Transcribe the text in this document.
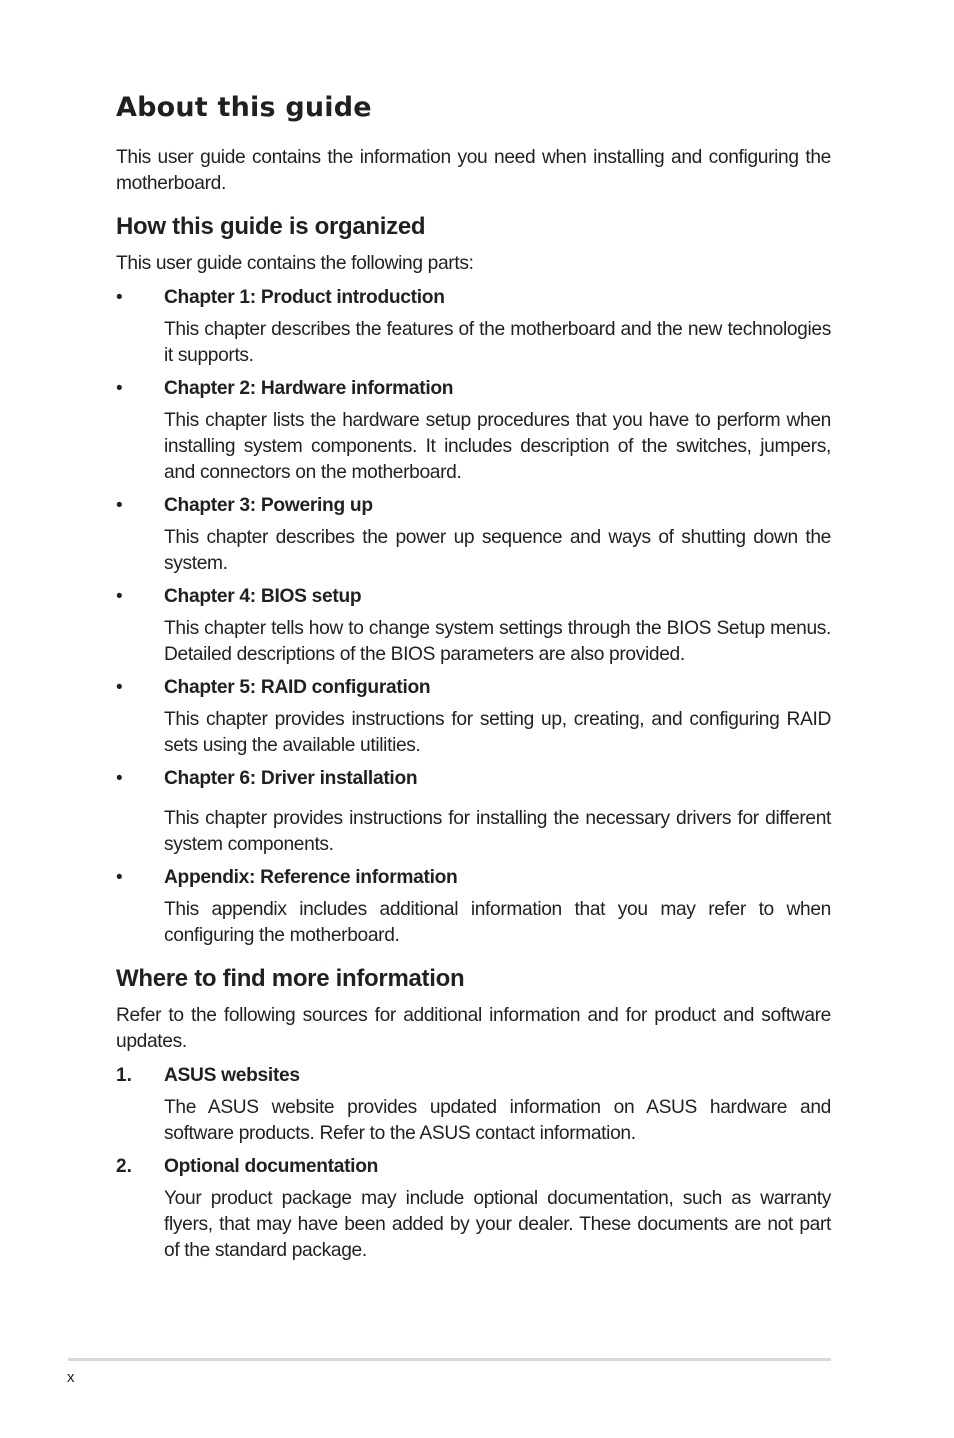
About this guide

This user guide contains the information you need when installing and configuring the motherboard.

How this guide is organized

This user guide contains the following parts:

• Chapter 1: Product introduction

This chapter describes the features of the motherboard and the new technologies it supports.

• Chapter 2: Hardware information

This chapter lists the hardware setup procedures that you have to perform when installing system components. It includes description of the switches, jumpers, and connectors on the motherboard.

• Chapter 3: Powering up

This chapter describes the power up sequence and ways of shutting down the system.

• Chapter 4: BIOS setup

This chapter tells how to change system settings through the BIOS Setup menus. Detailed descriptions of the BIOS parameters are also provided.

• Chapter 5: RAID configuration

This chapter provides instructions for setting up, creating, and configuring RAID sets using the available utilities.

• Chapter 6: Driver installation

This chapter provides instructions for installing the necessary drivers for different system components.

• Appendix: Reference information

This appendix includes additional information that you may refer to when configuring the motherboard.

Where to find more information

Refer to the following sources for additional information and for product and software updates.

1. ASUS websites

The ASUS website provides updated information on ASUS hardware and software products. Refer to the ASUS contact information.

2. Optional documentation

Your product package may include optional documentation, such as warranty flyers, that may have been added by your dealer. These documents are not part of the standard package.

x
